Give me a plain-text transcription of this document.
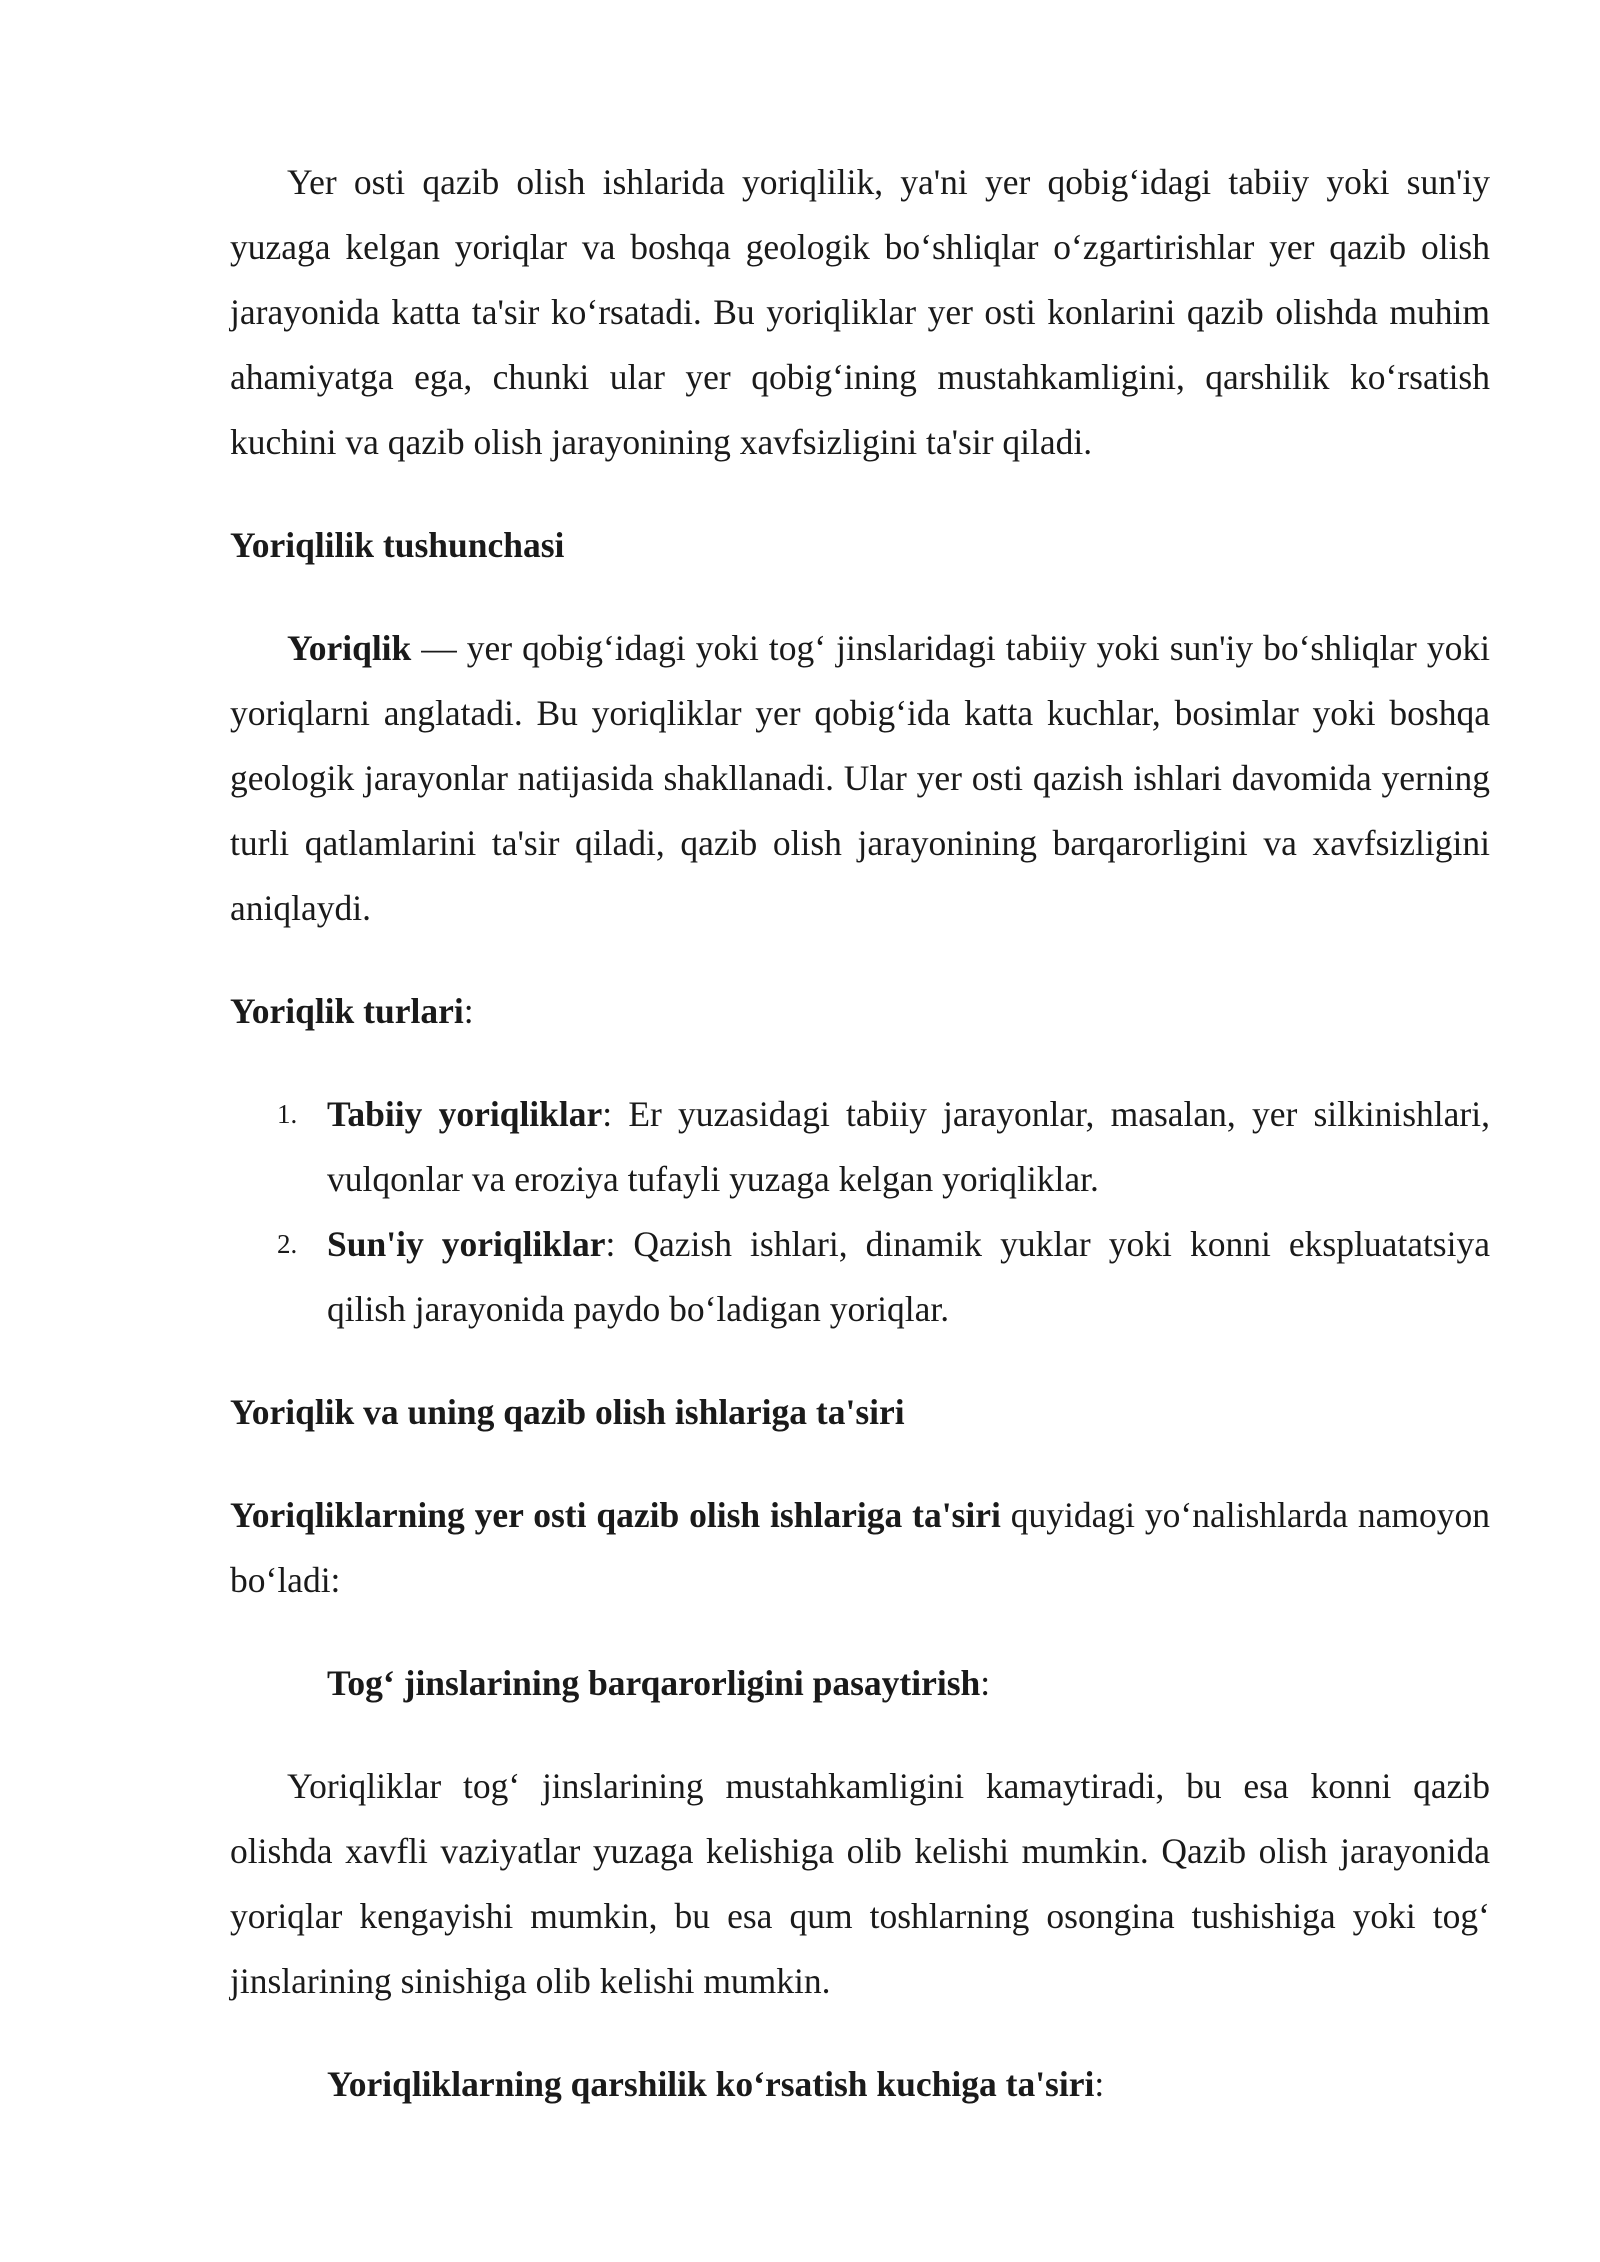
Yer osti qazib olish ishlarida yoriqlilik, ya'ni yer qobig‘idagi tabiiy yoki sun'iy yuzaga kelgan yoriqlar va boshqa geologik bo‘shliqlar o‘zgartirishlar yer qazib olish jarayonida katta ta'sir ko‘rsatadi. Bu yoriqliklar yer osti konlarini qazib olishda muhim ahamiyatga ega, chunki ular yer qobig‘ining mustahkamligini, qarshilik ko‘rsatish kuchini va qazib olish jarayonining xavfsizligini ta'sir qiladi.

Yoriqlilik tushunchasi

Yoriqlik — yer qobig‘idagi yoki tog‘ jinslaridagi tabiiy yoki sun'iy bo‘shliqlar yoki yoriqlarni anglatadi. Bu yoriqliklar yer qobig‘ida katta kuchlar, bosimlar yoki boshqa geologik jarayonlar natijasida shakllanadi. Ular yer osti qazish ishlari davomida yerning turli qatlamlarini ta'sir qiladi, qazib olish jarayonining barqarorligini va xavfsizligini aniqlaydi.

Yoriqlik turlari:

1. Tabiiy yoriqliklar: Er yuzasidagi tabiiy jarayonlar, masalan, yer silkinishlari, vulqonlar va eroziya tufayli yuzaga kelgan yoriqliklar.
2. Sun'iy yoriqliklar: Qazish ishlari, dinamik yuklar yoki konni ekspluatatsiya qilish jarayonida paydo bo‘ladigan yoriqlar.

Yoriqlik va uning qazib olish ishlariga ta'siri

Yoriqliklarning yer osti qazib olish ishlariga ta'siri quyidagi yo‘nalishlarda namoyon bo‘ladi:

Tog‘ jinslarining barqarorligini pasaytirish:

Yoriqliklar tog‘ jinslarining mustahkamligini kamaytiradi, bu esa konni qazib olishda xavfli vaziyatlar yuzaga kelishiga olib kelishi mumkin. Qazib olish jarayonida yoriqlar kengayishi mumkin, bu esa qum toshlarning osongina tushishiga yoki tog‘ jinslarining sinishiga olib kelishi mumkin.

Yoriqliklarning qarshilik ko‘rsatish kuchiga ta'siri:
